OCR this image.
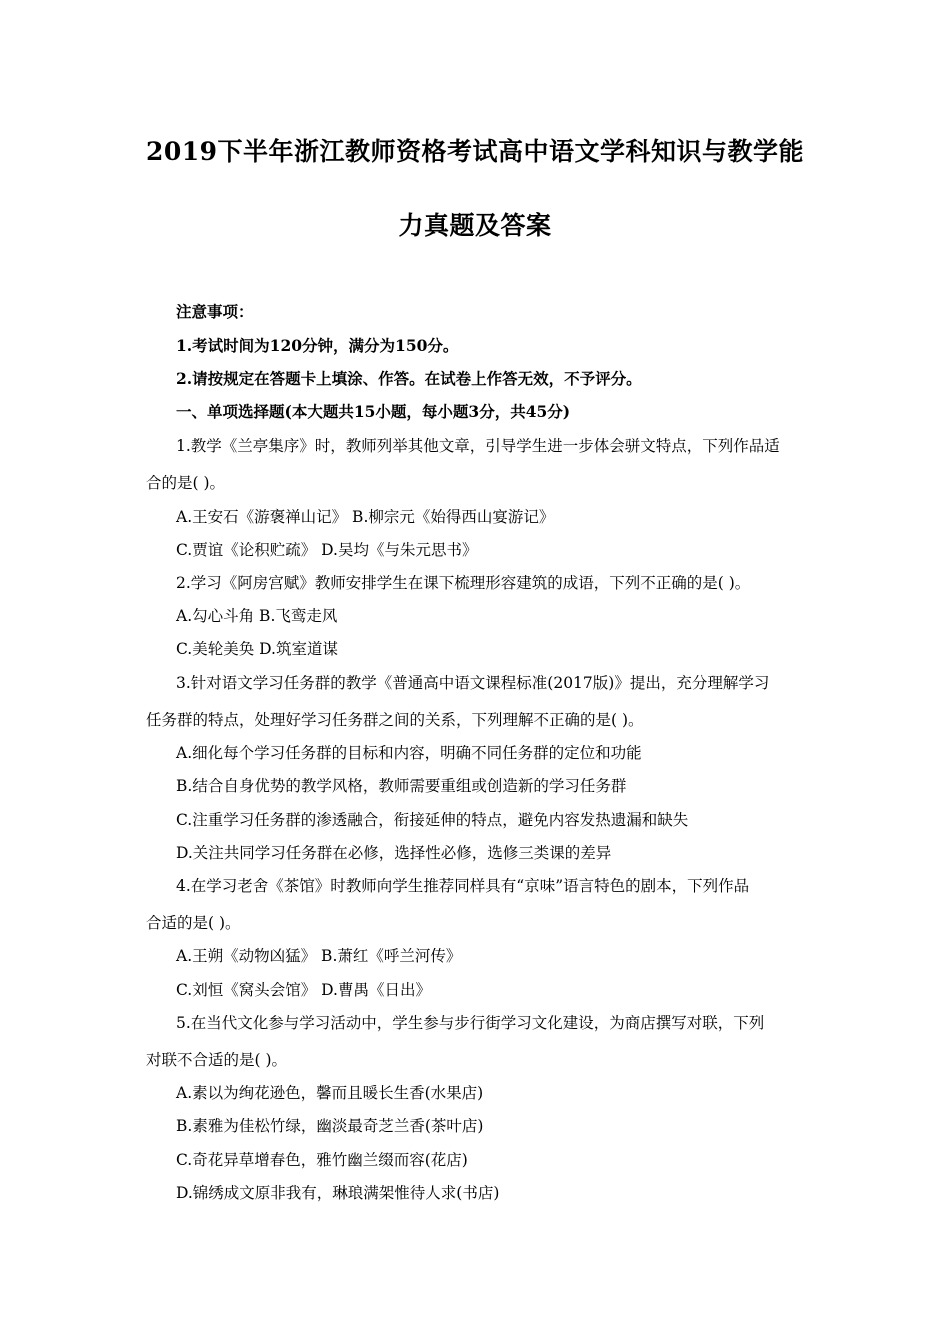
2019下半年浙江教师资格考试高中语文学科知识与教学能
力真题及答案
注意事项：
1.考试时间为120分钟，满分为150分。
2.请按规定在答题卡上填涂、作答。在试卷上作答无效，不予评分。
一、单项选择题(本大题共15小题，每小题3分，共45分)
1.教学《兰亭集序》时，教师列举其他文章，引导学生进一步体会骈文特点，下列作品适
合的是( )。
A.王安石《游褒禅山记》 B.柳宗元《始得西山宴游记》
C.贾谊《论积贮疏》 D.吴均《与朱元思书》
2.学习《阿房宫赋》教师安排学生在课下梳理形容建筑的成语，下列不正确的是( )。
A.勾心斗角 B.飞鸾走风
C.美轮美奂 D.筑室道谋
3.针对语文学习任务群的教学《普通高中语文课程标准(2017版)》提出，充分理解学习
任务群的特点，处理好学习任务群之间的关系，下列理解不正确的是( )。
A.细化每个学习任务群的目标和内容，明确不同任务群的定位和功能
B.结合自身优势的教学风格，教师需要重组或创造新的学习任务群
C.注重学习任务群的渗透融合，衔接延伸的特点，避免内容发热遗漏和缺失
D.关注共同学习任务群在必修，选择性必修，选修三类课的差异
4.在学习老舍《茶馆》时教师向学生推荐同样具有“京味”语言特色的剧本，下列作品
合适的是( )。
A.王朔《动物凶猛》 B.萧红《呼兰河传》
C.刘恒《窝头会馆》 D.曹禺《日出》
5.在当代文化参与学习活动中，学生参与步行街学习文化建设，为商店撰写对联，下列
对联不合适的是( )。
A.素以为绚花逊色，馨而且暖长生香(水果店)
B.素雅为佳松竹绿，幽淡最奇芝兰香(茶叶店)
C.奇花异草增春色，雅竹幽兰缀而容(花店)
D.锦绣成文原非我有，琳琅满架惟待人求(书店)
